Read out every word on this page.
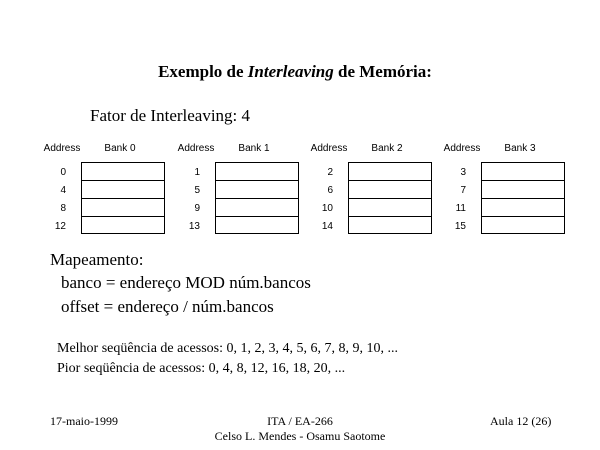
Exemplo de Interleaving de Memória:
Fator de Interleaving: 4
Address	Bank 0
0
4
8
12
Address	Bank 1
1
5
9
13
Address	Bank 2
2
6
10
14
Address	Bank 3
3
7
11
15
Mapeamento:
banco = endereço MOD núm.bancos
offset = endereço / núm.bancos
Melhor seqüência de acessos: 0, 1, 2, 3, 4, 5, 6, 7, 8, 9, 10, ...
Pior seqüência de acessos: 0, 4, 8, 12, 16, 18, 20, ...
17-maio-1999	ITA / EA-266
Celso L. Mendes - Osamu Saotome
Aula 12 (26)
